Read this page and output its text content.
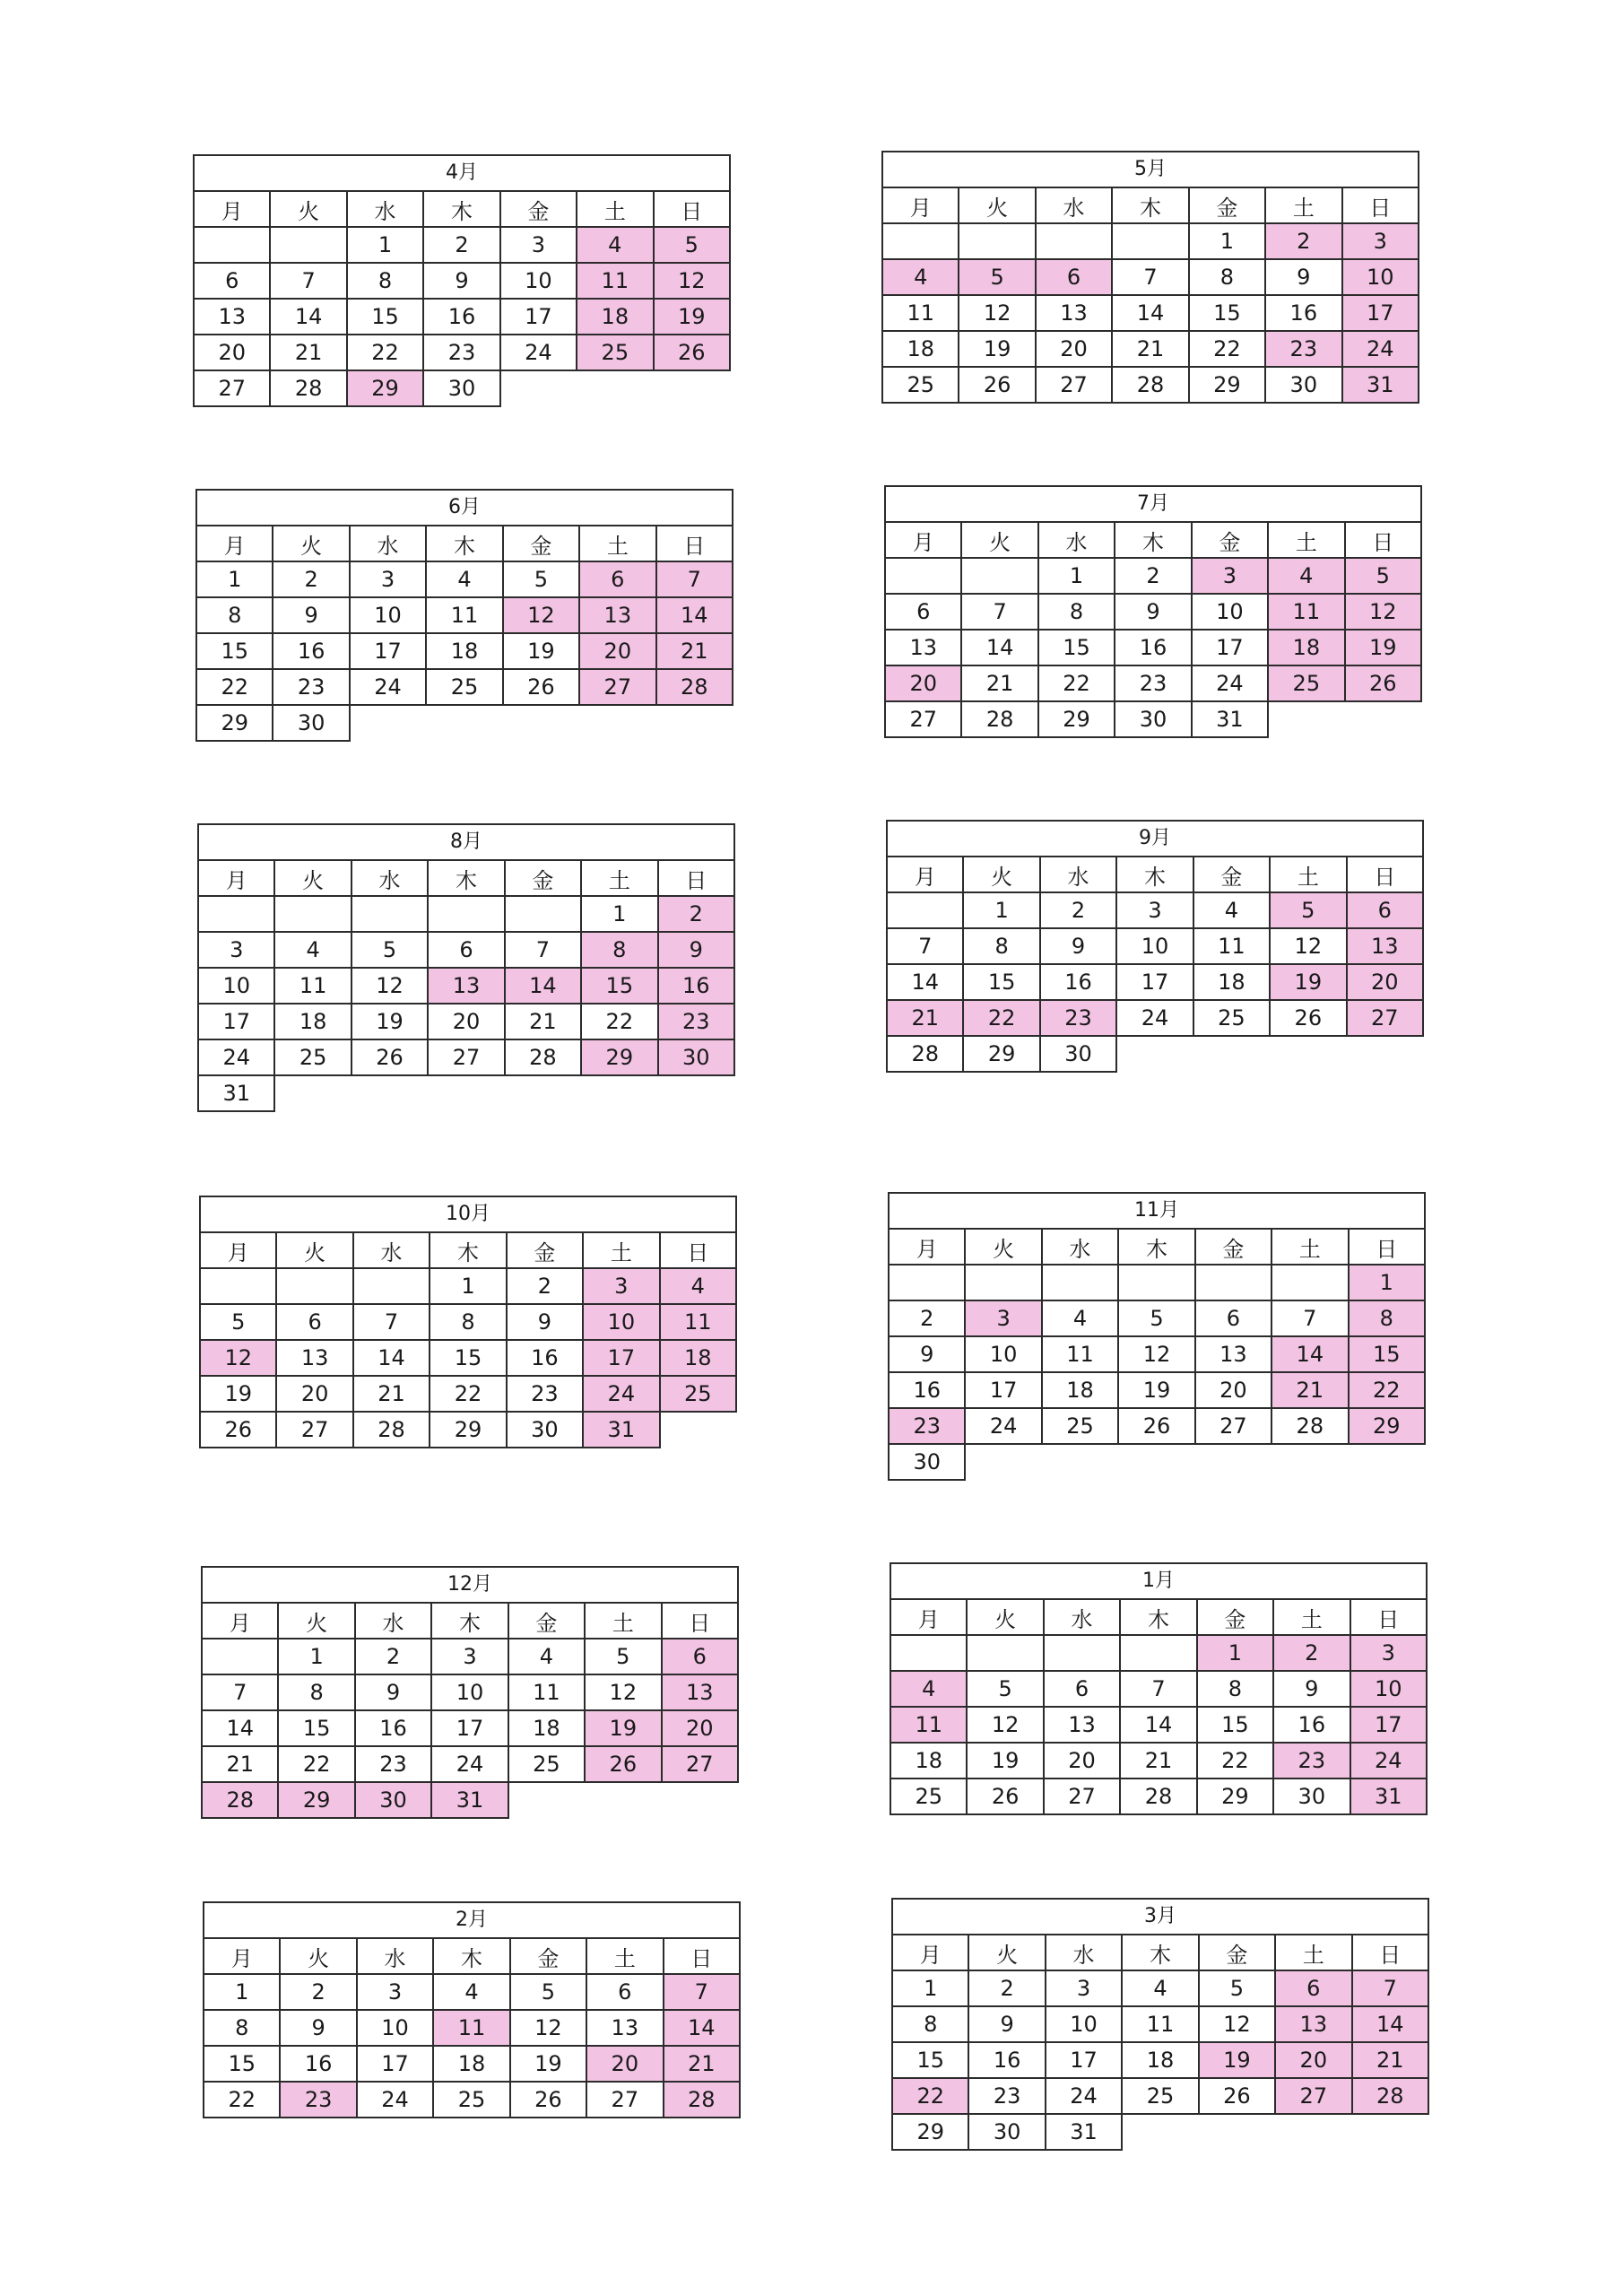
4月
月	火	水	木	金	土	日
		1	2	3	4	5
6	7	8	9	10	11	12
13	14	15	16	17	18	19
20	21	22	23	24	25	26
27	28	29	30			
5月
月	火	水	木	金	土	日
				1	2	3
4	5	6	7	8	9	10
11	12	13	14	15	16	17
18	19	20	21	22	23	24
25	26	27	28	29	30	31
6月
月	火	水	木	金	土	日
1	2	3	4	5	6	7
8	9	10	11	12	13	14
15	16	17	18	19	20	21
22	23	24	25	26	27	28
29	30					
7月
月	火	水	木	金	土	日
		1	2	3	4	5
6	7	8	9	10	11	12
13	14	15	16	17	18	19
20	21	22	23	24	25	26
27	28	29	30	31		
8月
月	火	水	木	金	土	日
					1	2
3	4	5	6	7	8	9
10	11	12	13	14	15	16
17	18	19	20	21	22	23
24	25	26	27	28	29	30
31						
9月
月	火	水	木	金	土	日
	1	2	3	4	5	6
7	8	9	10	11	12	13
14	15	16	17	18	19	20
21	22	23	24	25	26	27
28	29	30				
10月
月	火	水	木	金	土	日
			1	2	3	4
5	6	7	8	9	10	11
12	13	14	15	16	17	18
19	20	21	22	23	24	25
26	27	28	29	30	31	
11月
月	火	水	木	金	土	日
						1
2	3	4	5	6	7	8
9	10	11	12	13	14	15
16	17	18	19	20	21	22
23	24	25	26	27	28	29
30						
12月
月	火	水	木	金	土	日
	1	2	3	4	5	6
7	8	9	10	11	12	13
14	15	16	17	18	19	20
21	22	23	24	25	26	27
28	29	30	31			
1月
月	火	水	木	金	土	日
				1	2	3
4	5	6	7	8	9	10
11	12	13	14	15	16	17
18	19	20	21	22	23	24
25	26	27	28	29	30	31
2月
月	火	水	木	金	土	日
1	2	3	4	5	6	7
8	9	10	11	12	13	14
15	16	17	18	19	20	21
22	23	24	25	26	27	28
3月
月	火	水	木	金	土	日
1	2	3	4	5	6	7
8	9	10	11	12	13	14
15	16	17	18	19	20	21
22	23	24	25	26	27	28
29	30	31				
